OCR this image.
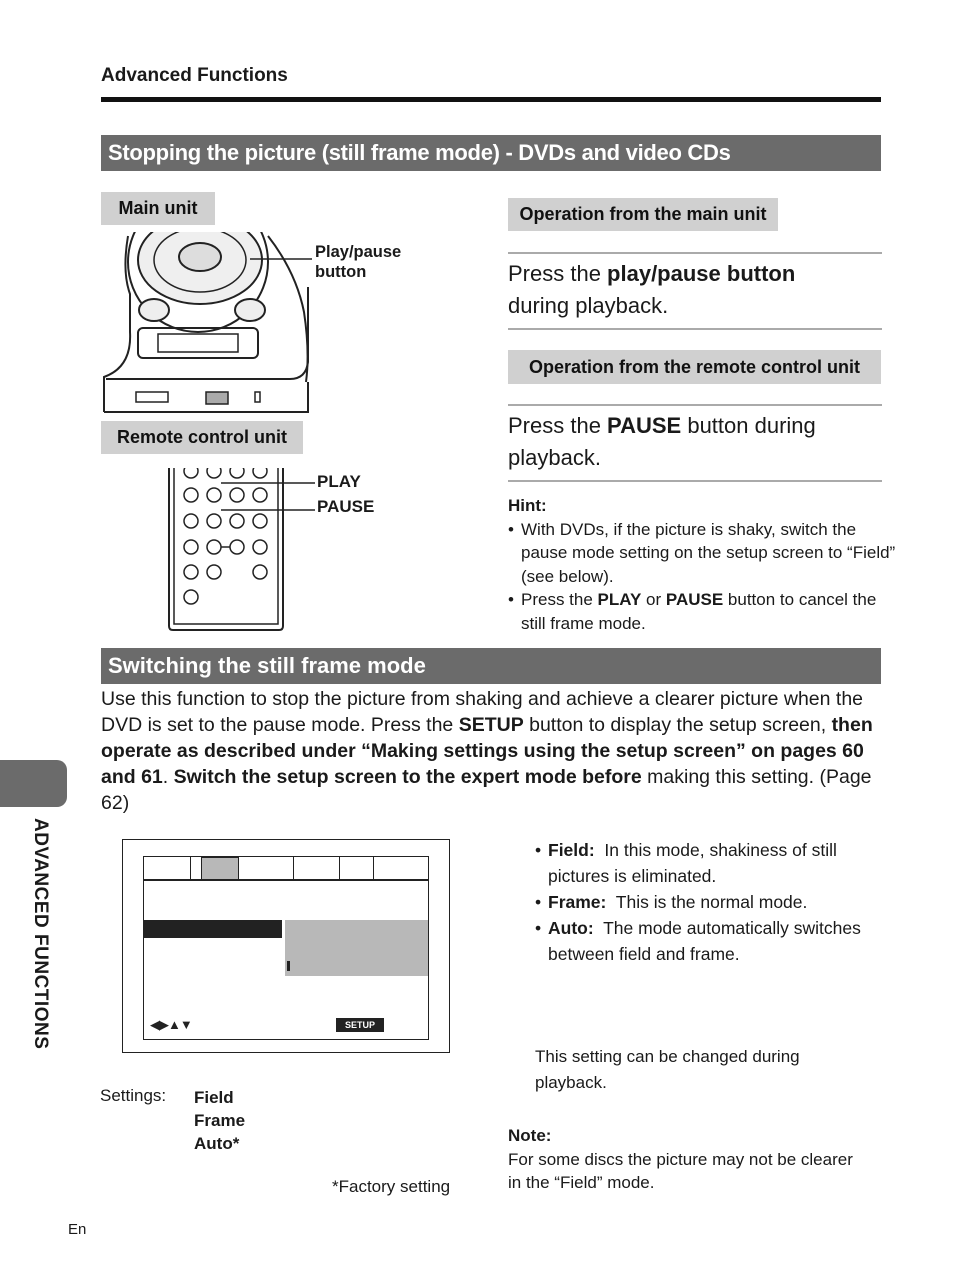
Advanced Functions
Stopping the picture (still frame mode) - DVDs and video CDs
Main unit
Play/pause
button
Remote control unit
PLAY
PAUSE
Operation from the main unit
Press the play/pause button
during playback.
Operation from the remote control unit
Press the PAUSE button during
playback.
Hint:
• With DVDs, if the picture is shaky, switch the pause mode setting on the setup screen to “Field” (see below).
• Press the PLAY or PAUSE button to cancel the still frame mode.
Switching the still frame mode
Use this function to stop the picture from shaking and achieve a clearer picture when the DVD is set to the pause mode. Press the SETUP button to display the setup screen, then operate as described under “Making settings using the setup screen” on pages 60 and 61. Switch the setup screen to the expert mode before making this setting. (Page 62)
◀▶▲▼	SETUP
Settings: Field
Frame
Auto*
*Factory setting
• Field: In this mode, shakiness of still pictures is eliminated.
• Frame: This is the normal mode.
• Auto: The mode automatically switches between field and frame.
This setting can be changed during playback.
Note:
For some discs the picture may not be clearer in the “Field” mode.
ADVANCED FUNCTIONS
En
